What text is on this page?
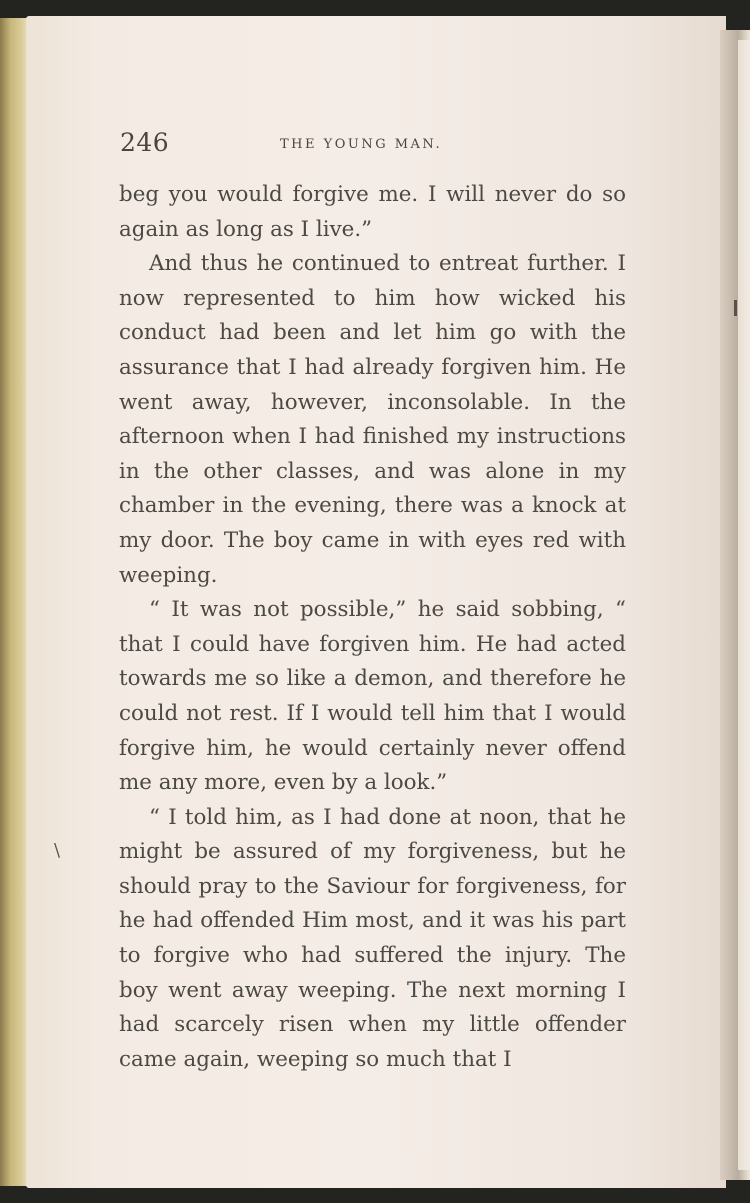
246	THE YOUNG MAN.

beg you would forgive me. I will never do so again as long as I live.”

And thus he continued to entreat further. I now represented to him how wicked his conduct had been and let him go with the assurance that I had already forgiven him. He went away, however, inconsolable. In the afternoon when I had finished my instructions in the other classes, and was alone in my chamber in the evening, there was a knock at my door. The boy came in with eyes red with weeping.

“ It was not possible,” he said sobbing, “ that I could have forgiven him. He had acted towards me so like a demon, and therefore he could not rest. If I would tell him that I would forgive him, he would certainly never offend me any more, even by a look.”

“ I told him, as I had done at noon, that he might be assured of my forgiveness, but he should pray to the Saviour for forgiveness, for he had offended Him most, and it was his part to forgive who had suffered the injury. The boy went away weeping. The next morning I had scarcely risen when my little offender came again, weeping so much that I

\
